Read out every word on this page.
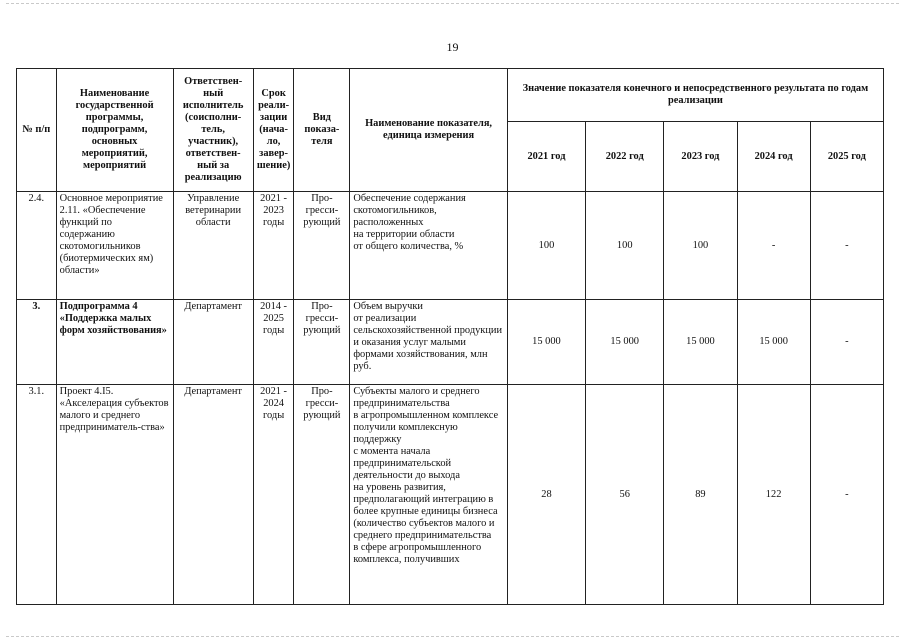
19
№ п/п	Наименование государственной программы, подпрограмм, основных мероприятий, мероприятий	Ответствен-ный исполнитель (соисполни-тель, участник), ответствен-ный за реализацию	Срок реали-зации (нача-ло, завер-шение)	Вид показа-теля	Наименование показателя, единица измерения	Значение показателя конечного и непосредственного результата по годам реализации				
						2021 год	2022 год	2023 год	2024 год	2025 год
2.4.	Основное мероприятие 2.11. «Обеспечение функций по содержанию скотомогильников (биотермических ям) области»	Управление ветеринарии области	2021 - 2023 годы	Про-гресси-рующий	Обеспечение содержания скотомогильников,
расположенных
на территории области
от общего количества, %	100	100	100	-	-
3.	Подпрограмма 4 «Поддержка малых форм хозяйствования»	Департамент	2014 - 2025 годы	Про-гресси-рующий	Объем выручки
от реализации сельскохозяйственной продукции и оказания услуг малыми формами хозяйствования, млн руб.	15 000	15 000	15 000	15 000	-
3.1.	Проект 4.I5. «Акселерация субъектов малого и среднего предприниматель-ства»	Департамент	2021 - 2024 годы	Про-гресси-рующий	Субъекты малого и среднего предпринимательства
в агропромышленном комплексе получили комплексную поддержку
с момента начала предпринимательской деятельности до выхода
на уровень развития, предполагающий интеграцию в более крупные единицы бизнеса (количество субъектов малого и среднего предпринимательства
в сфере агропромышленного комплекса, получивших	28	56	89	122	-
